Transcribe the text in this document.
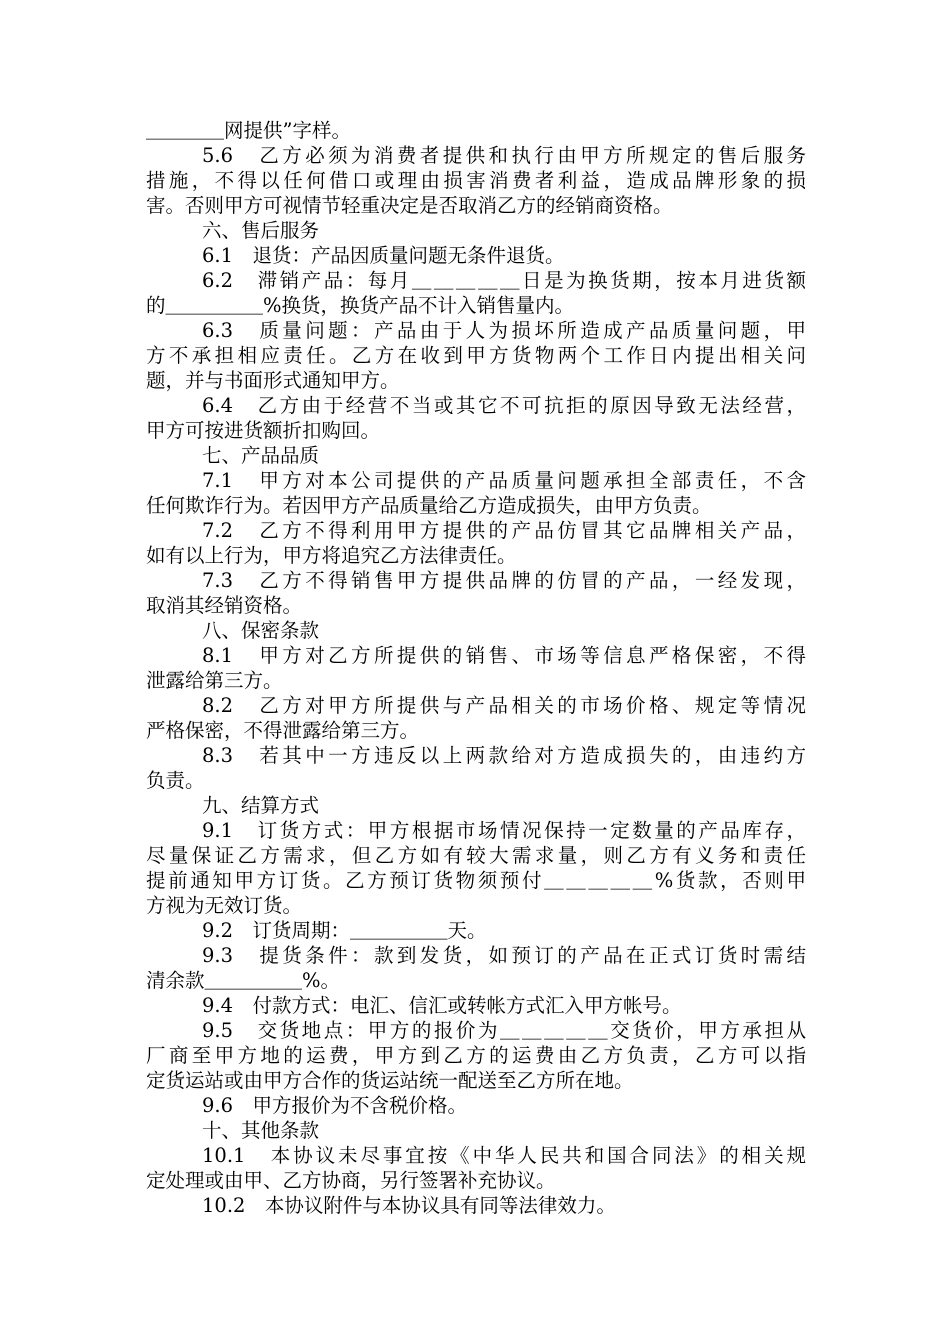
＿＿＿＿网提供”字样。
5.6　乙方必须为消费者提供和执行由甲方所规定的售后服务
措施，不得以任何借口或理由损害消费者利益，造成品牌形象的损
害。否则甲方可视情节轻重决定是否取消乙方的经销商资格。
六、售后服务
6.1　退货：产品因质量问题无条件退货。
6.2　滞销产品：每月＿＿＿＿＿日是为换货期，按本月进货额
的＿＿＿＿＿%换货，换货产品不计入销售量内。
6.3　质量问题：产品由于人为损坏所造成产品质量问题，甲
方不承担相应责任。乙方在收到甲方货物两个工作日内提出相关问
题，并与书面形式通知甲方。
6.4　乙方由于经营不当或其它不可抗拒的原因导致无法经营，
甲方可按进货额折扣购回。
七、产品品质
7.1　甲方对本公司提供的产品质量问题承担全部责任，不含
任何欺诈行为。若因甲方产品质量给乙方造成损失，由甲方负责。
7.2　乙方不得利用甲方提供的产品仿冒其它品牌相关产品，
如有以上行为，甲方将追究乙方法律责任。
7.3　乙方不得销售甲方提供品牌的仿冒的产品，一经发现，
取消其经销资格。
八、保密条款
8.1　甲方对乙方所提供的销售、市场等信息严格保密，不得
泄露给第三方。
8.2　乙方对甲方所提供与产品相关的市场价格、规定等情况
严格保密，不得泄露给第三方。
8.3　若其中一方违反以上两款给对方造成损失的，由违约方
负责。
九、结算方式
9.1　订货方式：甲方根据市场情况保持一定数量的产品库存，
尽量保证乙方需求，但乙方如有较大需求量，则乙方有义务和责任
提前通知甲方订货。乙方预订货物须预付＿＿＿＿＿%货款，否则甲
方视为无效订货。
9.2　订货周期：＿＿＿＿＿天。
9.3　提货条件：款到发货，如预订的产品在正式订货时需结
清余款＿＿＿＿＿%。
9.4　付款方式：电汇、信汇或转帐方式汇入甲方帐号。
9.5　交货地点：甲方的报价为＿＿＿＿＿交货价，甲方承担从
厂商至甲方地的运费，甲方到乙方的运费由乙方负责，乙方可以指
定货运站或由甲方合作的货运站统一配送至乙方所在地。
9.6　甲方报价为不含税价格。
十、其他条款
10.1　本协议未尽事宜按《中华人民共和国合同法》的相关规
定处理或由甲、乙方协商，另行签署补充协议。
10.2　本协议附件与本协议具有同等法律效力。
